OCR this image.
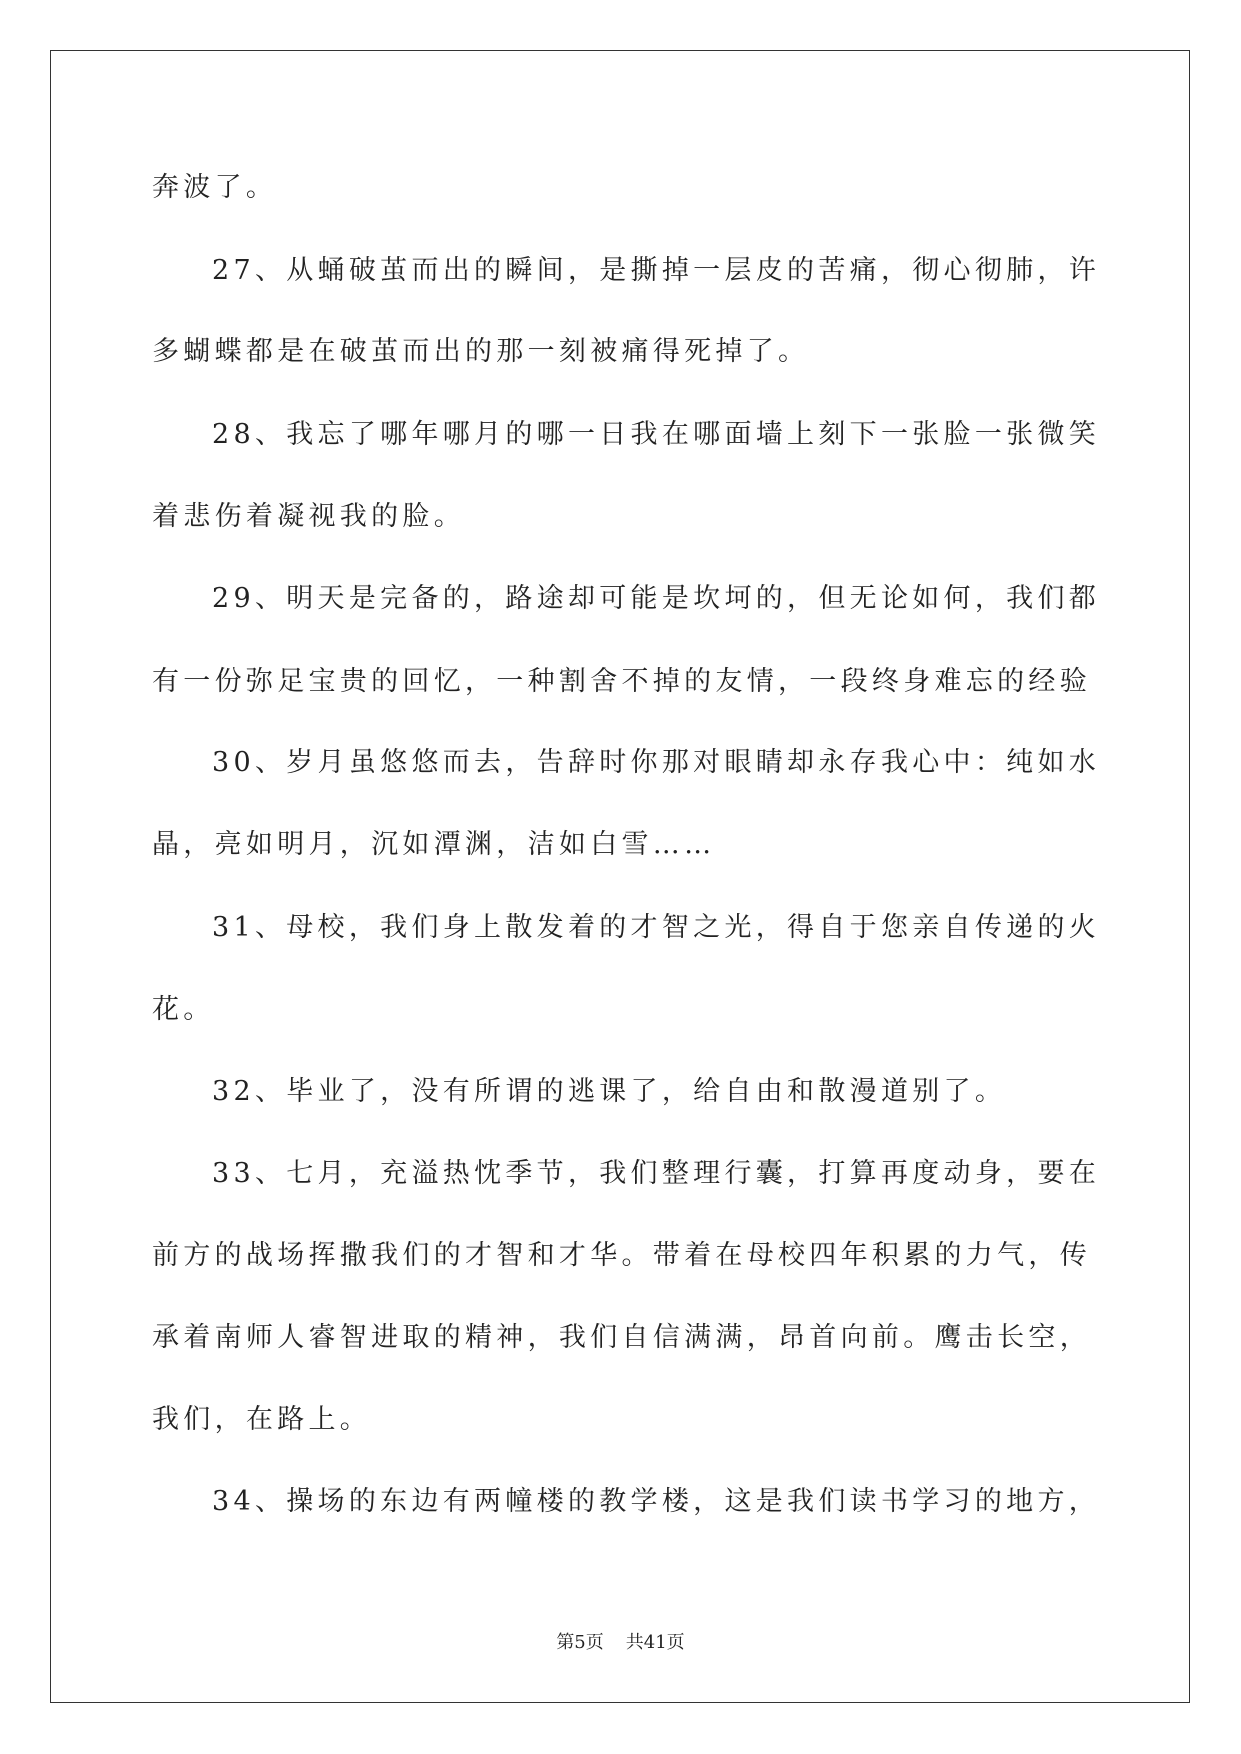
奔波了。
27、从蛹破茧而出的瞬间，是撕掉一层皮的苦痛，彻心彻肺，许
多蝴蝶都是在破茧而出的那一刻被痛得死掉了。
28、我忘了哪年哪月的哪一日我在哪面墙上刻下一张脸一张微笑
着悲伤着凝视我的脸。
29、明天是完备的，路途却可能是坎坷的，但无论如何，我们都
有一份弥足宝贵的回忆，一种割舍不掉的友情，一段终身难忘的经验
30、岁月虽悠悠而去，告辞时你那对眼睛却永存我心中：纯如水
晶，亮如明月，沉如潭渊，洁如白雪……
31、母校，我们身上散发着的才智之光，得自于您亲自传递的火
花。
32、毕业了，没有所谓的逃课了，给自由和散漫道别了。
33、七月，充溢热忱季节，我们整理行囊，打算再度动身，要在
前方的战场挥撒我们的才智和才华。带着在母校四年积累的力气，传
承着南师人睿智进取的精神，我们自信满满，昂首向前。鹰击长空，
我们，在路上。
34、操场的东边有两幢楼的教学楼，这是我们读书学习的地方，
第5页 共41页
